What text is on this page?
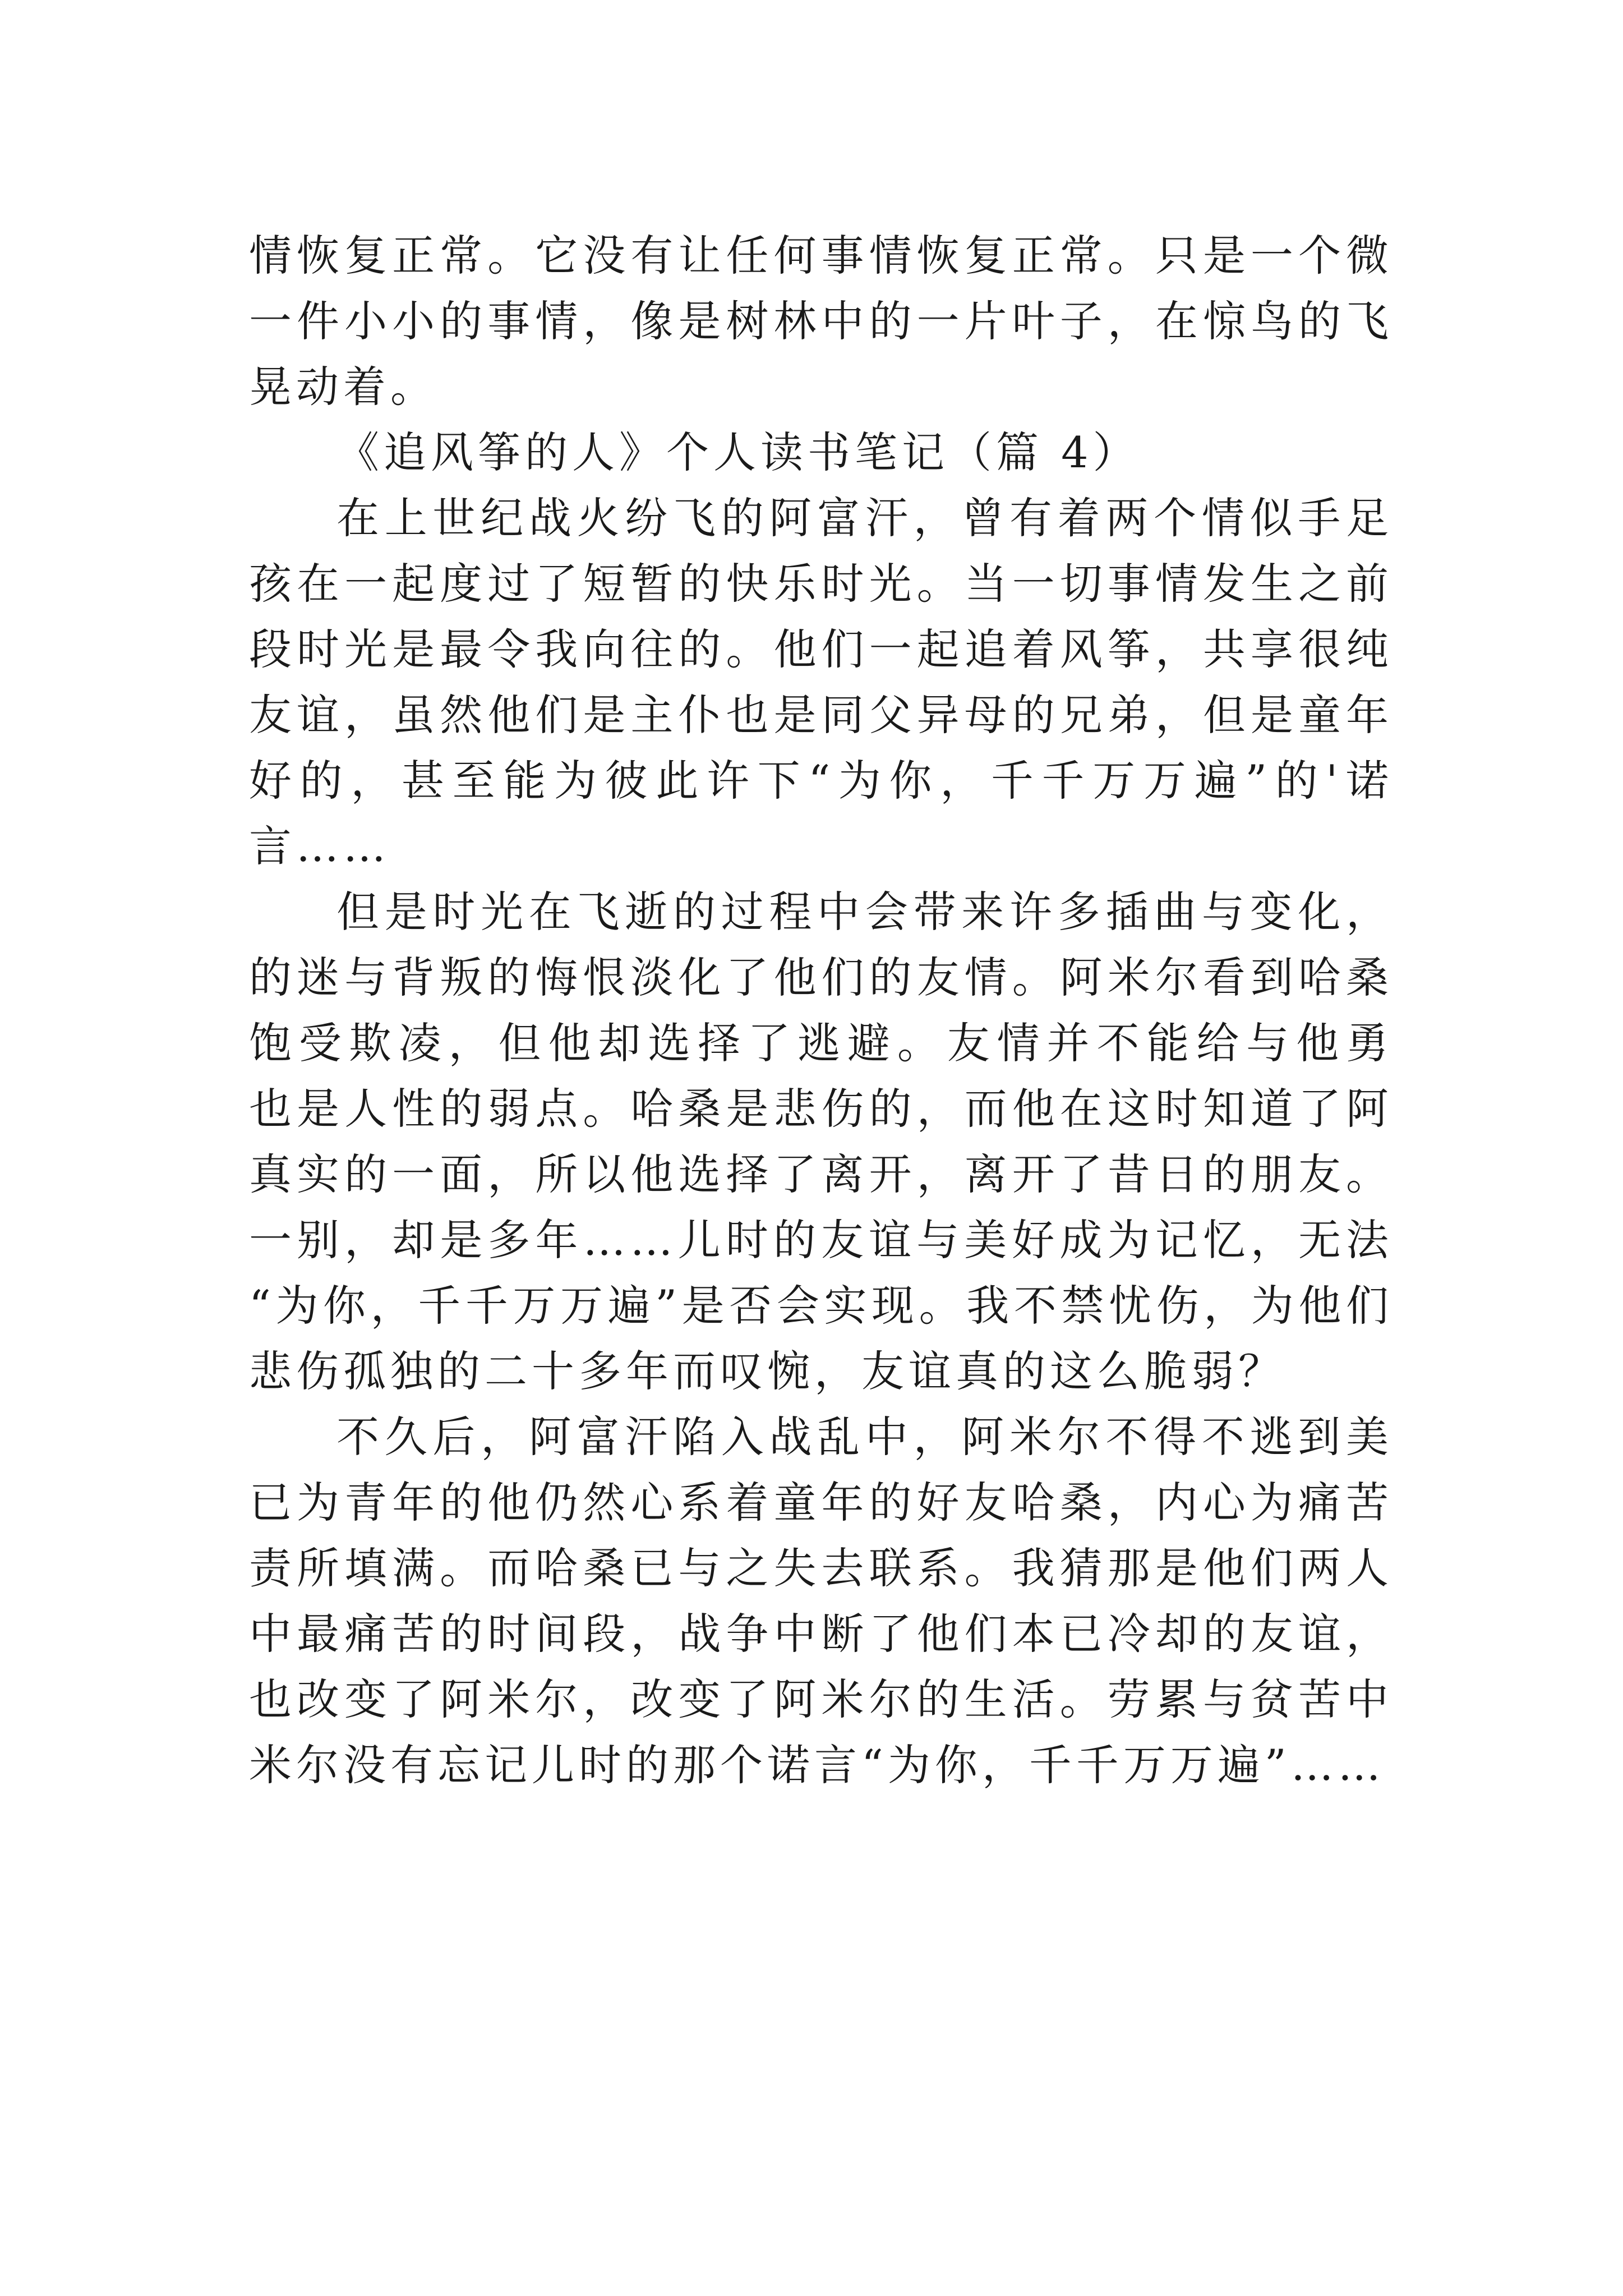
情恢复正常。它没有让任何事情恢复正常。只是一个微
一件小小的事情，像是树林中的一片叶子，在惊鸟的飞
晃动着。
《追风筝的人》个人读书笔记（篇 4）
在上世纪战火纷飞的阿富汗，曾有着两个情似手足
孩在一起度过了短暂的快乐时光。当一切事情发生之前
段时光是最令我向往的。他们一起追着风筝，共享很纯
友谊，虽然他们是主仆也是同父异母的兄弟，但是童年
好的，甚至能为彼此许下“为你，千千万万遍”的'诺
言……
但是时光在飞逝的过程中会带来许多插曲与变化，
的迷与背叛的悔恨淡化了他们的友情。阿米尔看到哈桑
饱受欺凌，但他却选择了逃避。友情并不能给与他勇
也是人性的弱点。哈桑是悲伤的，而他在这时知道了阿
真实的一面，所以他选择了离开，离开了昔日的朋友。
一别，却是多年……儿时的友谊与美好成为记忆，无法
“为你，千千万万遍”是否会实现。我不禁忧伤，为他们
悲伤孤独的二十多年而叹惋，友谊真的这么脆弱？
不久后，阿富汗陷入战乱中，阿米尔不得不逃到美
已为青年的他仍然心系着童年的好友哈桑，内心为痛苦
责所填满。而哈桑已与之失去联系。我猜那是他们两人
中最痛苦的时间段，战争中断了他们本已冷却的友谊，
也改变了阿米尔，改变了阿米尔的生活。劳累与贫苦中
米尔没有忘记儿时的那个诺言“为你，千千万万遍”……
